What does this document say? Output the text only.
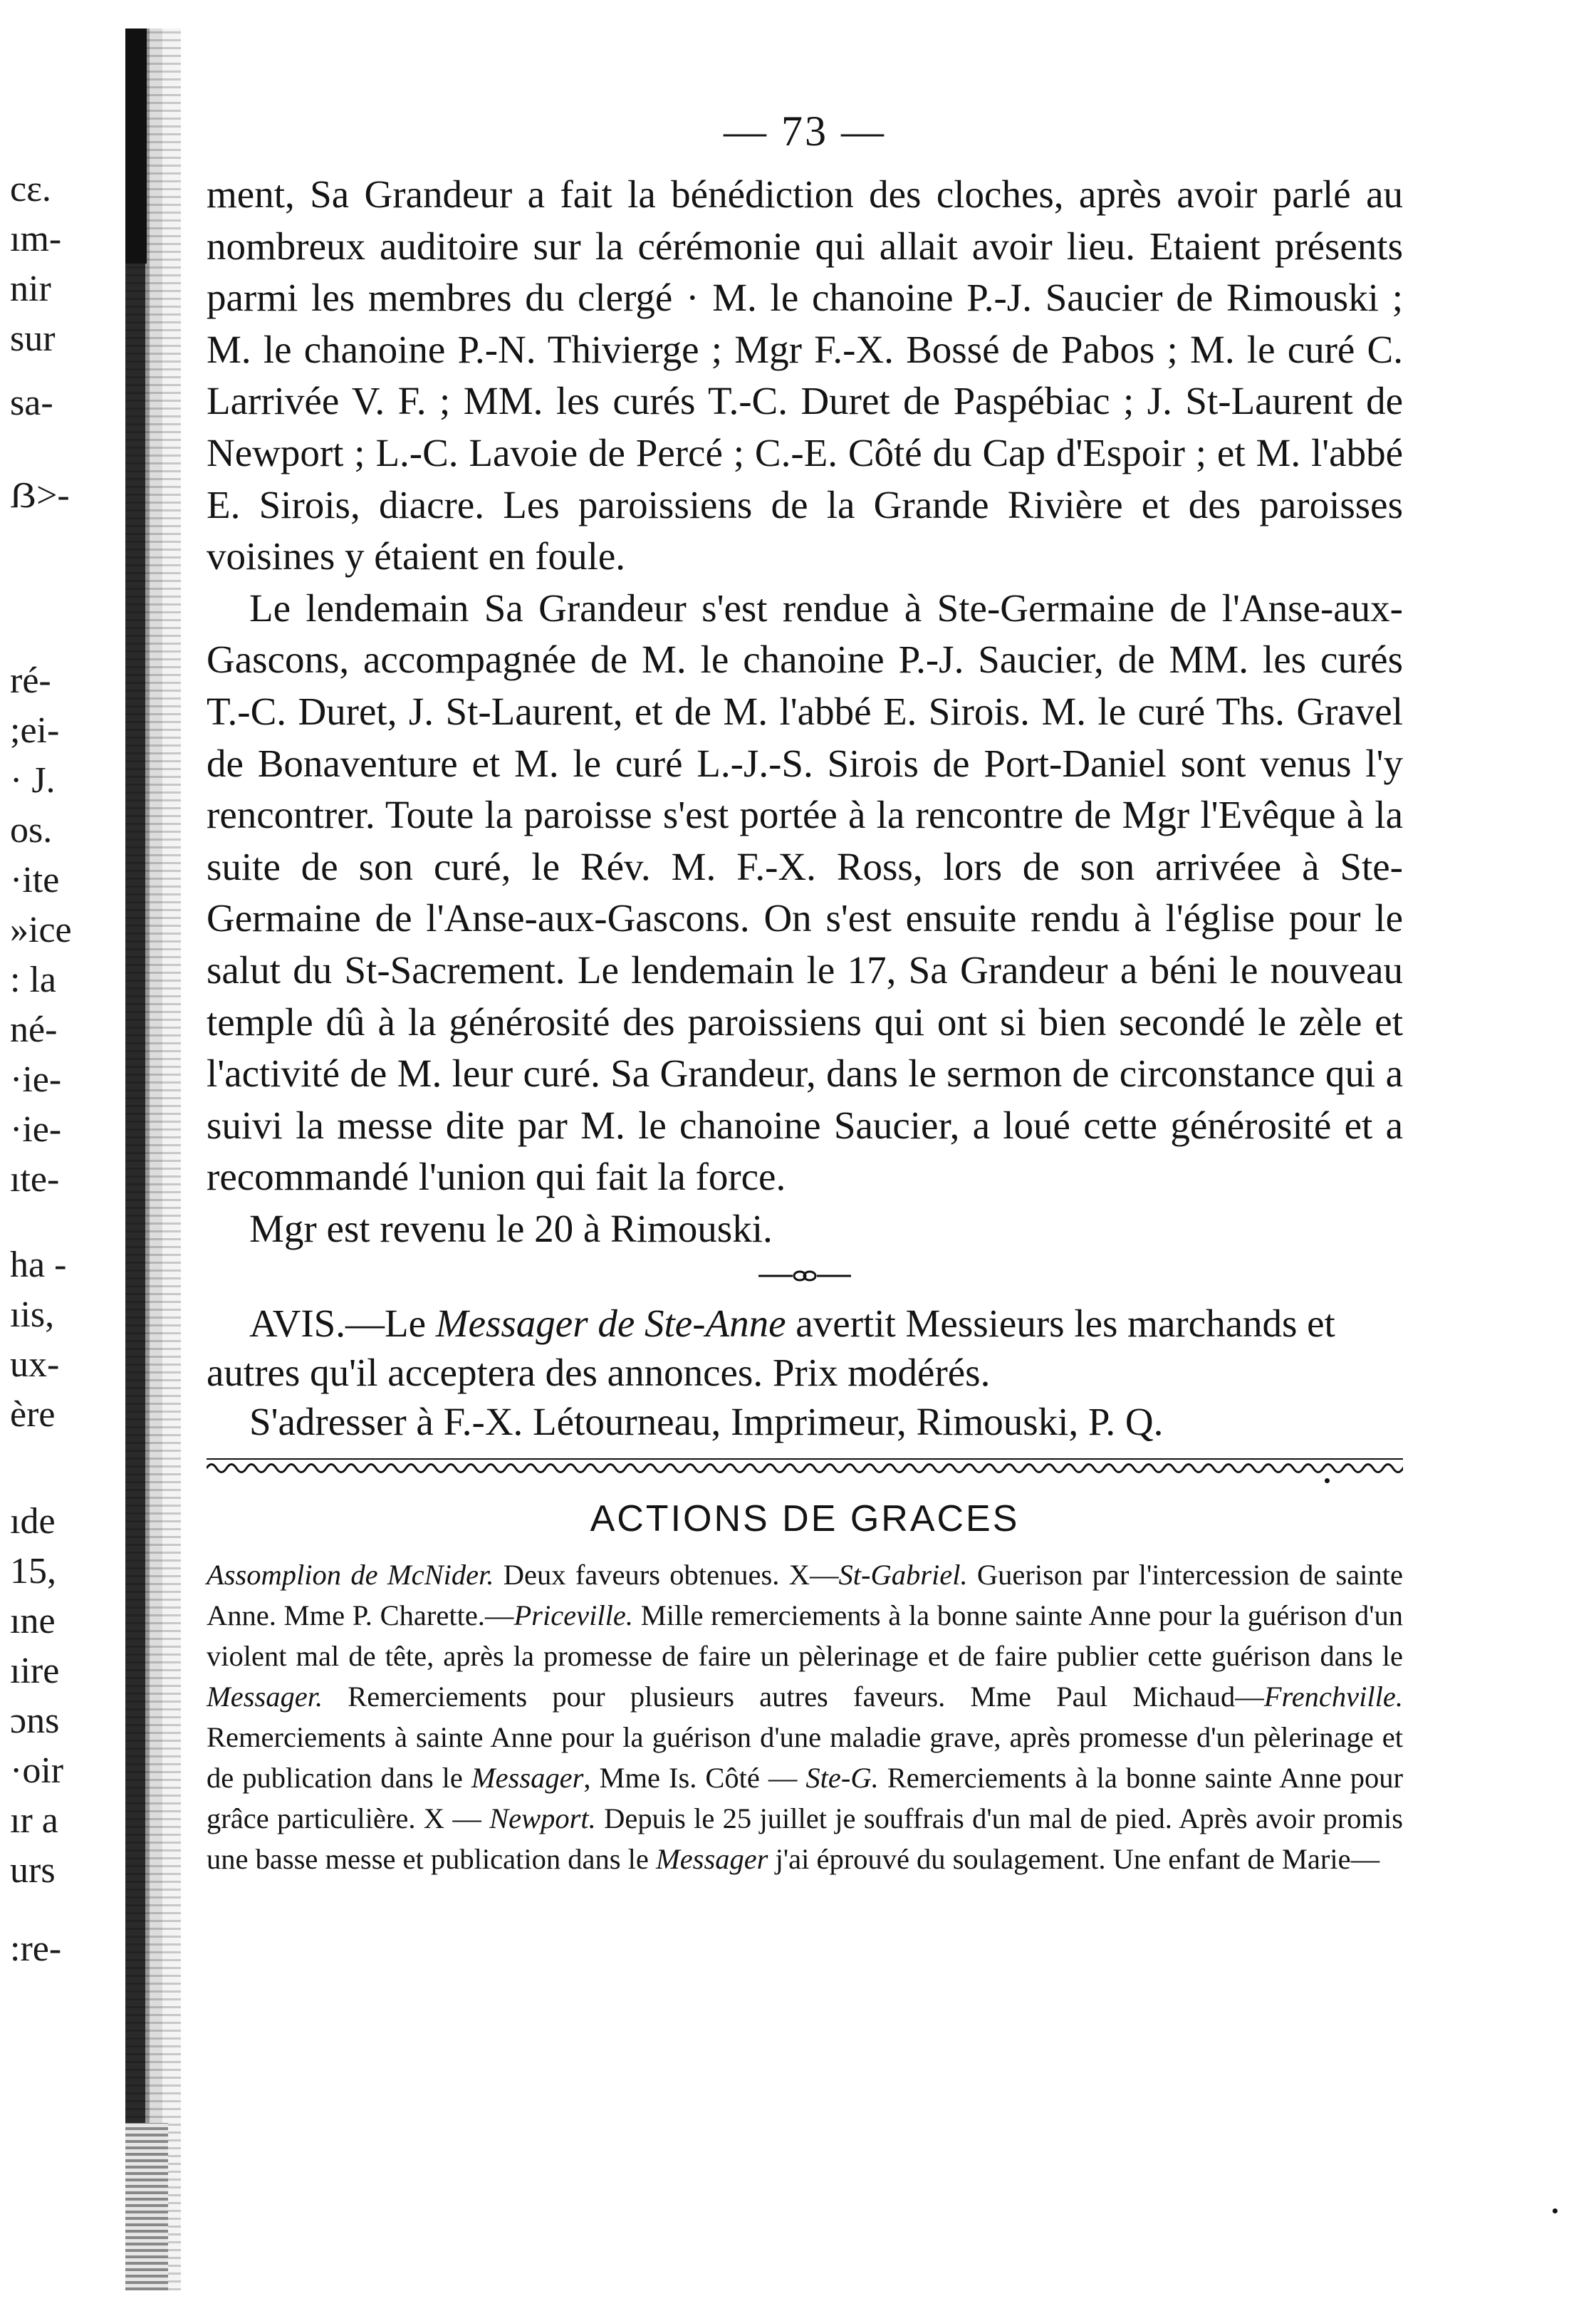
cε.
ım-
nir
sur
sa-
ẞ>-
ré-
;ei-
· J.
os.
·ite
»ice
: la
né-
·ie-
·ie-
ıte-
ha -
ıis,
ux-
ère
ıde
15,
ıne
ıire
ɔns
·oir
ır a
urs
:re-
— 73 —

ment, Sa Grandeur a fait la bénédiction des cloches, après avoir parlé au nombreux auditoire sur la cérémonie qui allait avoir lieu. Etaient présents parmi les membres du clergé · M. le chanoine P.-J. Saucier de Rimouski ; M. le chanoine P.-N. Thivierge ; Mgr F.-X. Bossé de Pabos ; M. le curé C. Larrivée V. F. ; MM. les curés T.-C. Duret de Paspébiac ; J. St-Laurent de Newport ; L.-C. Lavoie de Percé ; C.-E. Côté du Cap d'Espoir ; et M. l'abbé E. Sirois, diacre. Les paroissiens de la Grande Rivière et des paroisses voisines y étaient en foule.

Le lendemain Sa Grandeur s'est rendue à Ste-Germaine de l'Anse-aux-Gascons, accompagnée de M. le chanoine P.-J. Saucier, de MM. les curés T.-C. Duret, J. St-Laurent, et de M. l'abbé E. Sirois. M. le curé Ths. Gravel de Bonaventure et M. le curé L.-J.-S. Sirois de Port-Daniel sont venus l'y rencontrer. Toute la paroisse s'est portée à la rencontre de Mgr l'Evêque à la suite de son curé, le Rév. M. F.-X. Ross, lors de son arrivéee à Ste-Germaine de l'Anse-aux-Gascons. On s'est ensuite rendu à l'église pour le salut du St-Sacrement. Le lendemain le 17, Sa Grandeur a béni le nouveau temple dû à la générosité des paroissiens qui ont si bien secondé le zèle et l'activité de M. leur curé. Sa Grandeur, dans le sermon de circonstance qui a suivi la messe dite par M. le chanoine Saucier, a loué cette générosité et a recommandé l'union qui fait la force.

Mgr est revenu le 20 à Rimouski.

AVIS.—Le Messager de Ste-Anne avertit Messieurs les marchands et autres qu'il acceptera des annonces. Prix modérés.

S'adresser à F.-X. Létourneau, Imprimeur, Rimouski, P. Q.

ACTIONS DE GRACES

Assomplion de McNider. Deux faveurs obtenues. X—St-Gabriel. Guerison par l'intercession de sainte Anne. Mme P. Charette.—Priceville. Mille remerciements à la bonne sainte Anne pour la guérison d'un violent mal de tête, après la promesse de faire un pèlerinage et de faire publier cette guérison dans le Messager. Remerciements pour plusieurs autres faveurs. Mme Paul Michaud—Frenchville. Remerciements à sainte Anne pour la guérison d'une maladie grave, après promesse d'un pèlerinage et de publication dans le Messager, Mme Is. Côté — Ste-G. Remerciements à la bonne sainte Anne pour grâce particulière. X — Newport. Depuis le 25 juillet je souffrais d'un mal de pied. Après avoir promis une basse messe et publication dans le Messager j'ai éprouvé du soulagement. Une enfant de Marie—
